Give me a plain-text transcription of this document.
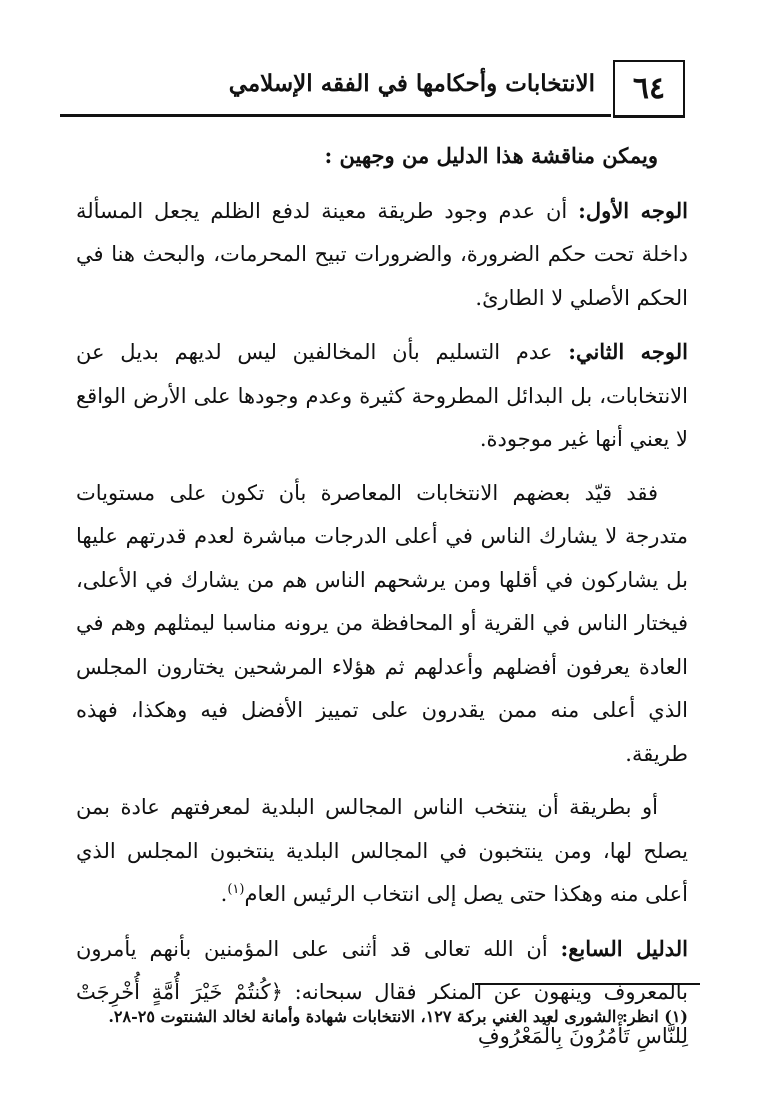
٦٤
الانتخابات وأحكامها في الفقه الإسلامي

ويمكن مناقشة هذا الدليل من وجهين :

الوجه الأول: أن عدم وجود طريقة معينة لدفع الظلم يجعل المسألة داخلة تحت حكم الضرورة، والضرورات تبيح المحرمات، والبحث هنا في الحكم الأصلي لا الطارئ.

الوجه الثاني: عدم التسليم بأن المخالفين ليس لديهم بديل عن الانتخابات، بل البدائل المطروحة كثيرة وعدم وجودها على الأرض الواقع لا يعني أنها غير موجودة.

فقد قيّد بعضهم الانتخابات المعاصرة بأن تكون على مستويات متدرجة لا يشارك الناس في أعلى الدرجات مباشرة لعدم قدرتهم عليها بل يشاركون في أقلها ومن يرشحهم الناس هم من يشارك في الأعلى، فيختار الناس في القرية أو المحافظة من يرونه مناسبا ليمثلهم وهم في العادة يعرفون أفضلهم وأعدلهم ثم هؤلاء المرشحين يختارون المجلس الذي أعلى منه ممن يقدرون على تمييز الأفضل فيه وهكذا، فهذه طريقة.

أو بطريقة أن ينتخب الناس المجالس البلدية لمعرفتهم عادة بمن يصلح لها، ومن ينتخبون في المجالس البلدية ينتخبون المجلس الذي أعلى منه وهكذا حتى يصل إلى انتخاب الرئيس العام$^{(١)}$.

الدليل السابع: أن الله تعالى قد أثنى على المؤمنين بأنهم يأمرون بالمعروف وينهون عن المنكر فقال سبحانه: ﴿كُنتُمْ خَيْرَ أُمَّةٍ أُخْرِجَتْ لِلنَّاسِ تَأْمُرُونَ بِالْمَعْرُوفِ

(١) انظر: الشورى لعبد الغني بركة ١٢٧، الانتخابات شهادة وأمانة لخالد الشنتوت ٢٥-٢٨.
